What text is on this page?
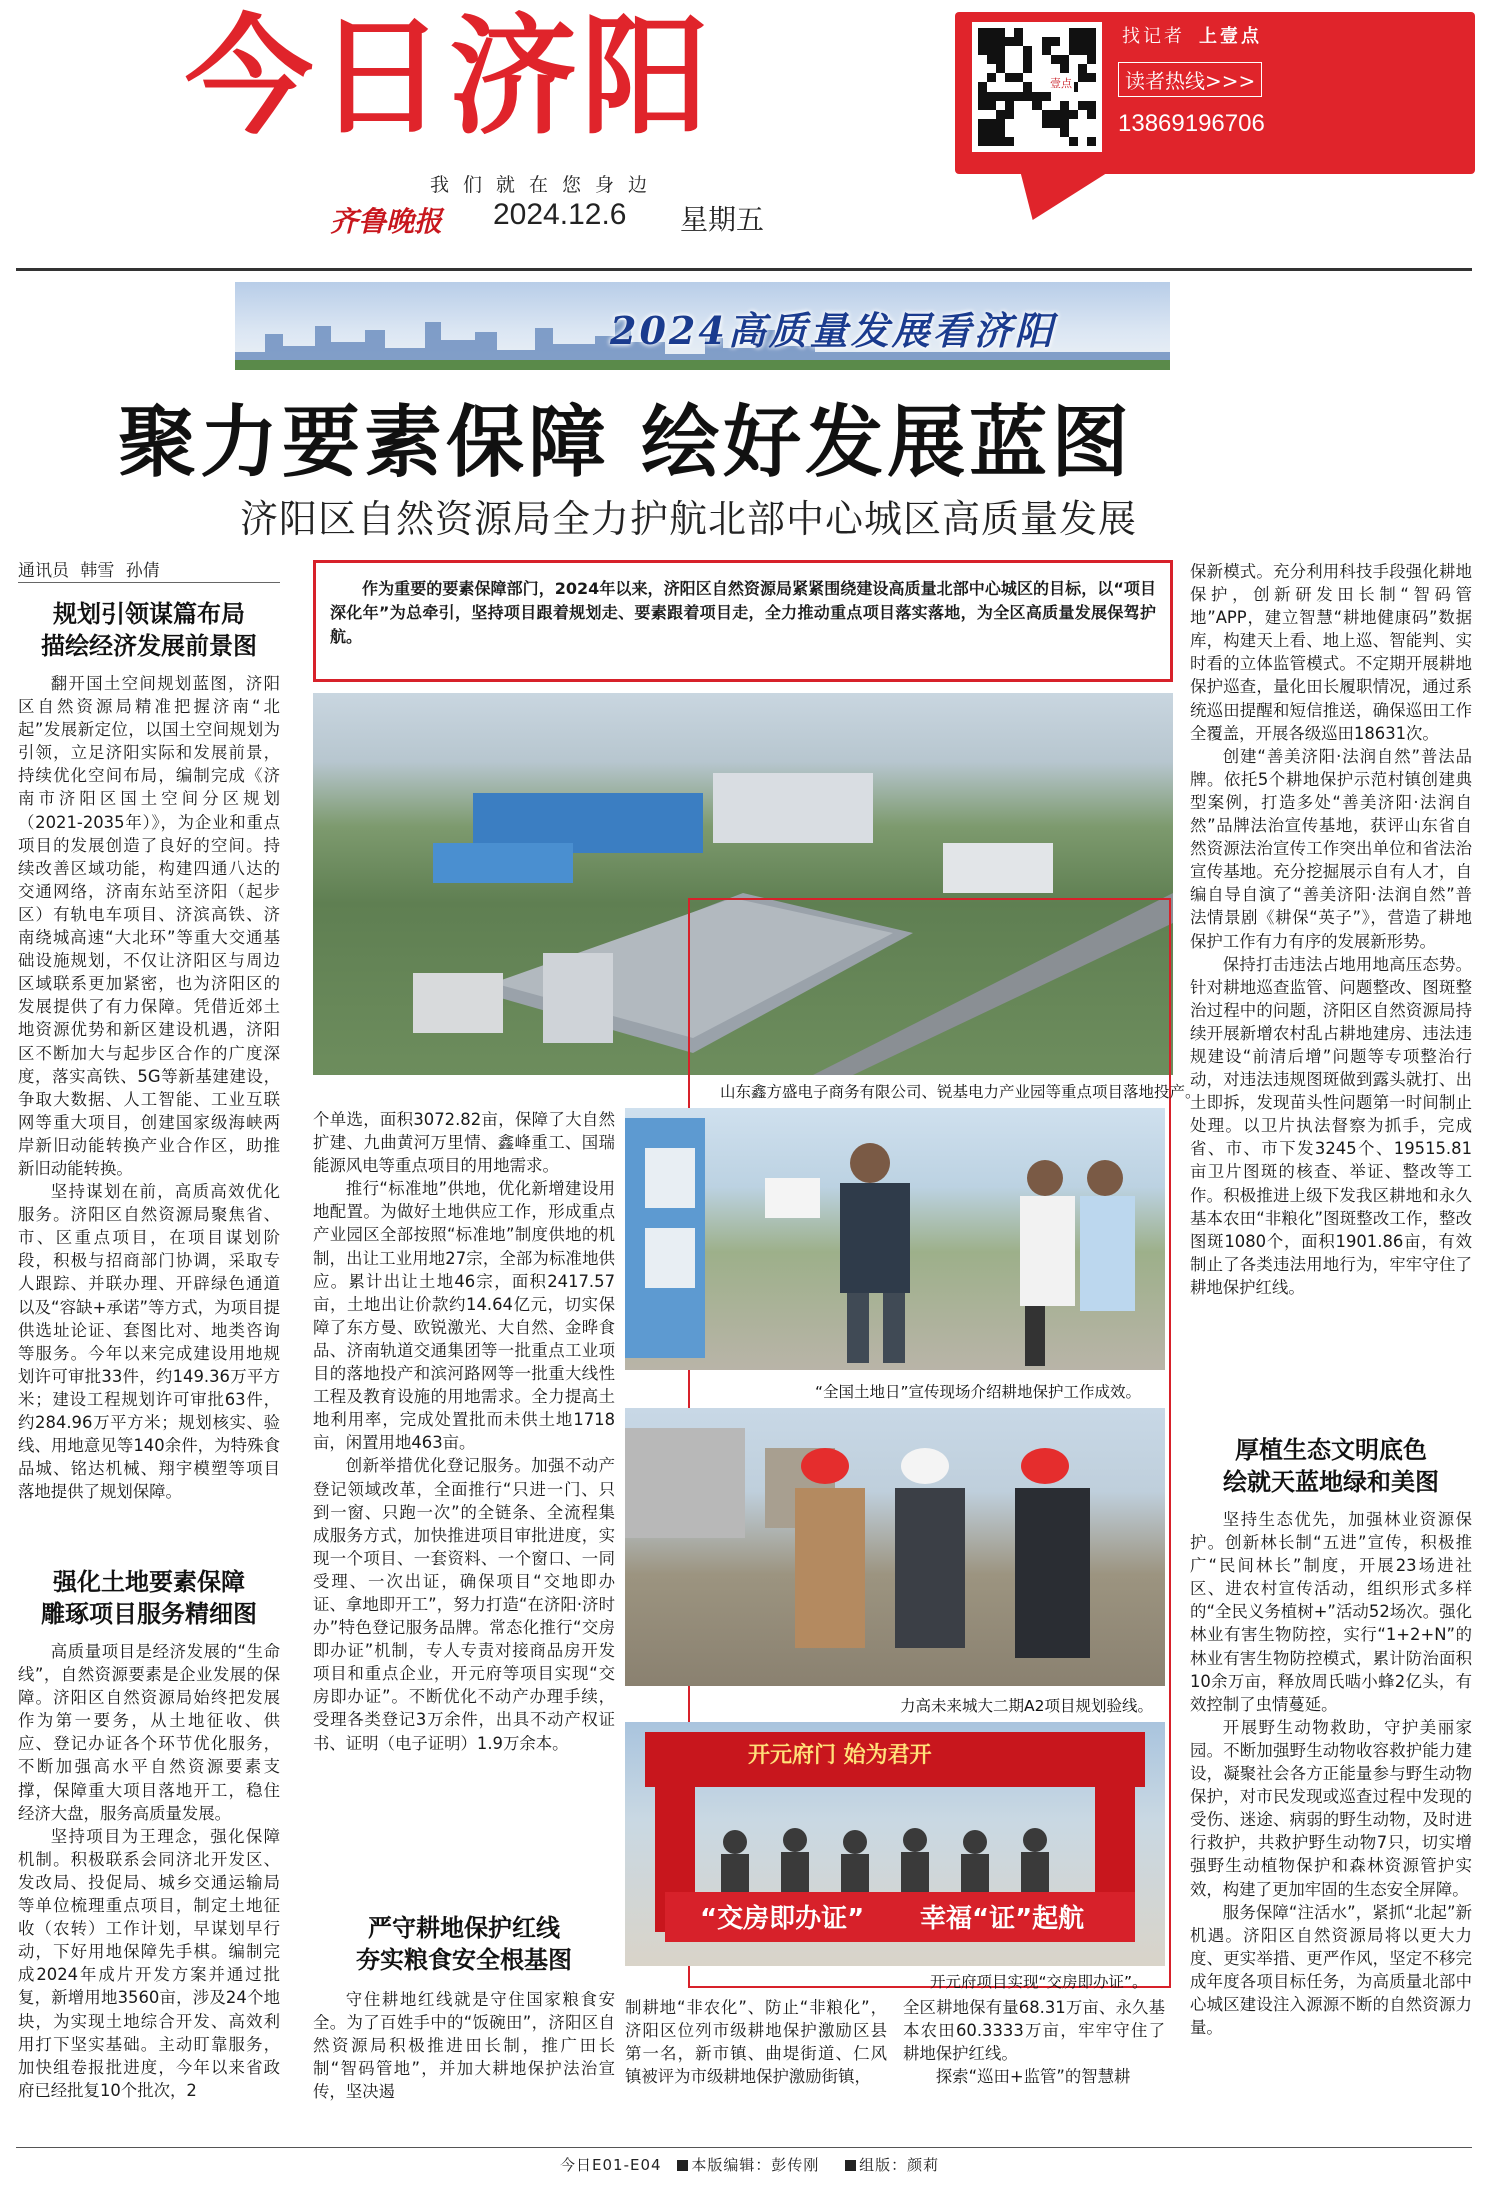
今日济阳
我们就在您身边
齐鲁晚报 2024.12.6 星期五
壹点
找记者 上壹点
读者热线>>>
13869196706
2024高质量发展看济阳
聚力要素保障 绘好发展蓝图
济阳区自然资源局全力护航北部中心城区高质量发展
通讯员 韩雪 孙倩
作为重要的要素保障部门，2024年以来，济阳区自然资源局紧紧围绕建设高质量北部中心城区的目标，以“项目深化年”为总牵引，坚持项目跟着规划走、要素跟着项目走，全力推动重点项目落实落地，为全区高质量发展保驾护航。
规划引领谋篇布局
描绘经济发展前景图

翻开国土空间规划蓝图，济阳区自然资源局精准把握济南“北起”发展新定位，以国土空间规划为引领，立足济阳实际和发展前景，持续优化空间布局，编制完成《济南市济阳区国土空间分区规划（2021-2035年）》，为企业和重点项目的发展创造了良好的空间。持续改善区域功能，构建四通八达的交通网络，济南东站至济阳（起步区）有轨电车项目、济滨高铁、济南绕城高速“大北环”等重大交通基础设施规划，不仅让济阳区与周边区域联系更加紧密，也为济阳区的发展提供了有力保障。凭借近郊土地资源优势和新区建设机遇，济阳区不断加大与起步区合作的广度深度，落实高铁、5G等新基建建设，争取大数据、人工智能、工业互联网等重大项目，创建国家级海峡两岸新旧动能转换产业合作区，助推新旧动能转换。

坚持谋划在前，高质高效优化服务。济阳区自然资源局聚焦省、市、区重点项目，在项目谋划阶段，积极与招商部门协调，采取专人跟踪、并联办理、开辟绿色通道以及“容缺+承诺”等方式，为项目提供选址论证、套图比对、地类咨询等服务。今年以来完成建设用地规划许可审批33件，约149.36万平方米；建设工程规划许可审批63件，约284.96万平方米；规划核实、验线、用地意见等140余件，为特殊食品城、铭达机械、翔宇模塑等项目落地提供了规划保障。

强化土地要素保障
雕琢项目服务精细图

高质量项目是经济发展的“生命线”，自然资源要素是企业发展的保障。济阳区自然资源局始终把发展作为第一要务，从土地征收、供应、登记办证各个环节优化服务，不断加强高水平自然资源要素支撑，保障重大项目落地开工，稳住经济大盘，服务高质量发展。

坚持项目为王理念，强化保障机制。积极联系会同济北开发区、发改局、投促局、城乡交通运输局等单位梳理重点项目，制定土地征收（农转）工作计划，早谋划早行动，下好用地保障先手棋。编制完成2024年成片开发方案并通过批复，新增用地3560亩，涉及24个地块，为实现土地综合开发、高效利用打下坚实基础。主动盯靠服务，加快组卷报批进度，今年以来省政府已经批复10个批次，2

山东鑫方盛电子商务有限公司、锐基电力产业园等重点项目落地投产。
“全国土地日”宣传现场介绍耕地保护工作成效。
力高未来城大二期A2项目规划验线。
开元府门 始为君开
“交房即办证” 幸福“证”起航
开元府项目实现“交房即办证”。

个单选，面积3072.82亩，保障了大自然扩建、九曲黄河万里情、鑫峰重工、国瑞能源风电等重点项目的用地需求。

推行“标准地”供地，优化新增建设用地配置。为做好土地供应工作，形成重点产业园区全部按照“标准地”制度供地的机制，出让工业用地27宗，全部为标准地供应。累计出让土地46宗，面积2417.57亩，土地出让价款约14.64亿元，切实保障了东方曼、欧锐激光、大自然、金晔食品、济南轨道交通集团等一批重点工业项目的落地投产和滨河路网等一批重大线性工程及教育设施的用地需求。全力提高土地利用率，完成处置批而未供土地1718亩，闲置用地463亩。

创新举措优化登记服务。加强不动产登记领域改革，全面推行“只进一门、只到一窗、只跑一次”的全链条、全流程集成服务方式，加快推进项目审批进度，实现一个项目、一套资料、一个窗口、一同受理、一次出证，确保项目“交地即办证、拿地即开工”，努力打造“在济阳·济时办”特色登记服务品牌。常态化推行“交房即办证”机制，专人专责对接商品房开发项目和重点企业，开元府等项目实现“交房即办证”。不断优化不动产办理手续，受理各类登记3万余件，出具不动产权证书、证明（电子证明）1.9万余本。

严守耕地保护红线
夯实粮食安全根基图

守住耕地红线就是守住国家粮食安全。为了百姓手中的“饭碗田”，济阳区自然资源局积极推进田长制，推广田长制“智码管地”，并加大耕地保护法治宣传，坚决遏

制耕地“非农化”、防止“非粮化”，济阳区位列市级耕地保护激励区县第一名，新市镇、曲堤街道、仁风镇被评为市级耕地保护激励街镇，

全区耕地保有量68.31万亩、永久基本农田60.3333万亩，牢牢守住了耕地保护红线。

探索“巡田+监管”的智慧耕

保新模式。充分利用科技手段强化耕地保护，创新研发田长制“智码管地”APP，建立智慧“耕地健康码”数据库，构建天上看、地上巡、智能判、实时看的立体监管模式。不定期开展耕地保护巡查，量化田长履职情况，通过系统巡田提醒和短信推送，确保巡田工作全覆盖，开展各级巡田18631次。

创建“善美济阳·法润自然”普法品牌。依托5个耕地保护示范村镇创建典型案例，打造多处“善美济阳·法润自然”品牌法治宣传基地，获评山东省自然资源法治宣传工作突出单位和省法治宣传基地。充分挖掘展示自有人才，自编自导自演了“善美济阳·法润自然”普法情景剧《耕保“英子”》，营造了耕地保护工作有力有序的发展新形势。

保持打击违法占地用地高压态势。针对耕地巡查监管、问题整改、图斑整治过程中的问题，济阳区自然资源局持续开展新增农村乱占耕地建房、违法违规建设“前清后增”问题等专项整治行动，对违法违规图斑做到露头就打、出土即拆，发现苗头性问题第一时间制止处理。以卫片执法督察为抓手，完成省、市、市下发3245个、19515.81亩卫片图斑的核查、举证、整改等工作。积极推进上级下发我区耕地和永久基本农田“非粮化”图斑整改工作，整改图斑1080个，面积1901.86亩，有效制止了各类违法用地行为，牢牢守住了耕地保护红线。

厚植生态文明底色
绘就天蓝地绿和美图

坚持生态优先，加强林业资源保护。创新林长制“五进”宣传，积极推广“民间林长”制度，开展23场进社区、进农村宣传活动，组织形式多样的“全民义务植树+”活动52场次。强化林业有害生物防控，实行“1+2+N”的林业有害生物防控模式，累计防治面积10余万亩，释放周氏啮小蜂2亿头，有效控制了虫情蔓延。

开展野生动物救助，守护美丽家园。不断加强野生动物收容救护能力建设，凝聚社会各方正能量参与野生动物保护，对市民发现或巡查过程中发现的受伤、迷途、病弱的野生动物，及时进行救护，共救护野生动物7只，切实增强野生动植物保护和森林资源管护实效，构建了更加牢固的生态安全屏障。

服务保障“注活水”，紧抓“北起”新机遇。济阳区自然资源局将以更大力度、更实举措、更严作风，坚定不移完成年度各项目标任务，为高质量北部中心城区建设注入源源不断的自然资源力量。

今日E01-E04 本版编辑：彭传刚	组版：颜莉
